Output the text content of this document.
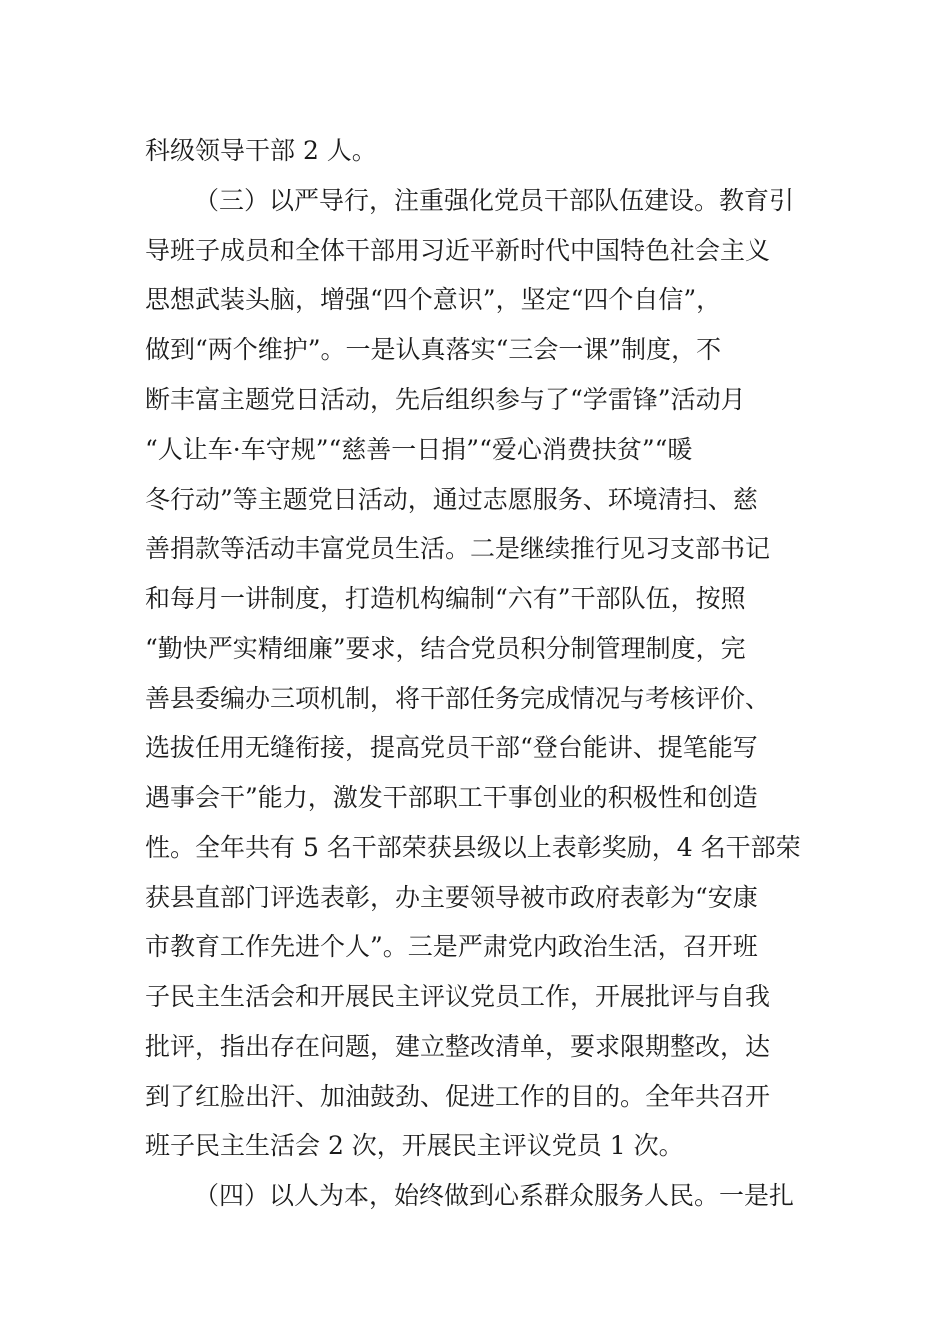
科级领导干部 2 人。
（三）以严导行，注重强化党员干部队伍建设。教育引
导班子成员和全体干部用习近平新时代中国特色社会主义
思想武装头脑，增强“四个意识”，坚定“四个自信”，
做到“两个维护”。一是认真落实“三会一课”制度，不
断丰富主题党日活动，先后组织参与了“学雷锋”活动月
“人让车·车守规”“慈善一日捐”“爱心消费扶贫”“暖
冬行动”等主题党日活动，通过志愿服务、环境清扫、慈
善捐款等活动丰富党员生活。二是继续推行见习支部书记
和每月一讲制度，打造机构编制“六有”干部队伍，按照
“勤快严实精细廉”要求，结合党员积分制管理制度，完
善县委编办三项机制，将干部任务完成情况与考核评价、
选拔任用无缝衔接，提高党员干部“登台能讲、提笔能写
遇事会干”能力，激发干部职工干事创业的积极性和创造
性。全年共有 5 名干部荣获县级以上表彰奖励，4 名干部荣
获县直部门评选表彰，办主要领导被市政府表彰为“安康
市教育工作先进个人”。三是严肃党内政治生活，召开班
子民主生活会和开展民主评议党员工作，开展批评与自我
批评，指出存在问题，建立整改清单，要求限期整改，达
到了红脸出汗、加油鼓劲、促进工作的目的。全年共召开
班子民主生活会 2 次，开展民主评议党员 1 次。
（四）以人为本，始终做到心系群众服务人民。一是扎
